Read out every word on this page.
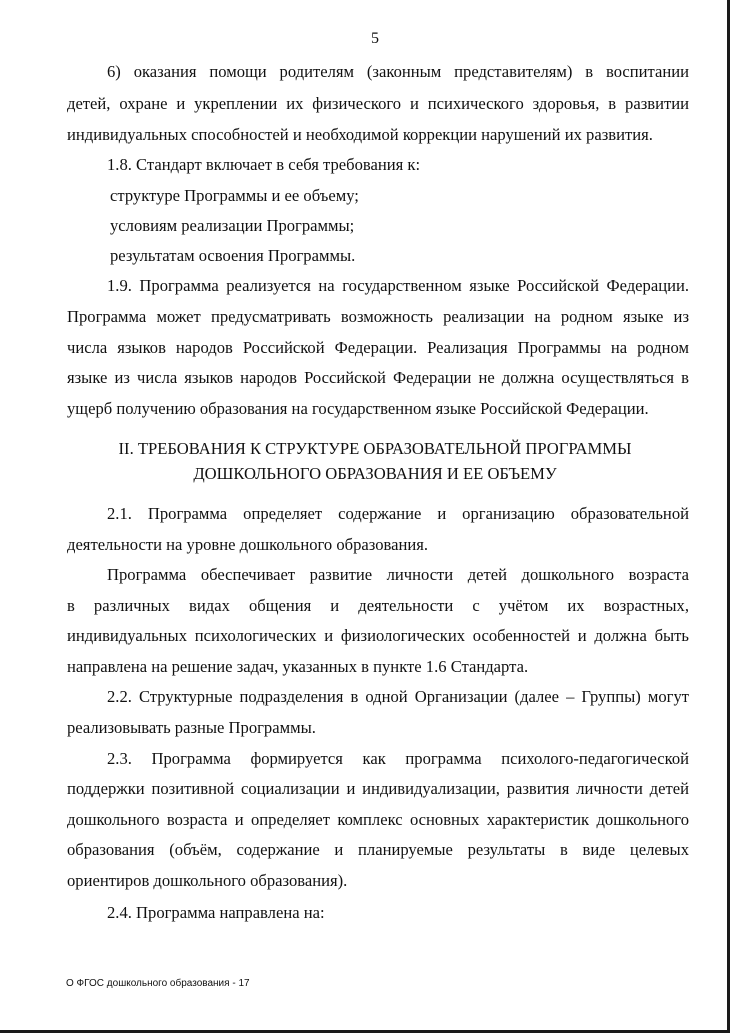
5
6) оказания помощи родителям (законным представителям) в воспитании
детей, охране и укреплении их физического и психического здоровья, в развитии
индивидуальных способностей и необходимой коррекции нарушений их развития.
1.8. Стандарт включает в себя требования к:
структуре Программы и ее объему;
условиям реализации Программы;
результатам освоения Программы.
1.9. Программа реализуется на государственном языке Российской Федерации.
Программа может предусматривать возможность реализации на родном языке из
числа языков народов Российской Федерации. Реализация Программы на родном
языке из числа языков народов Российской Федерации не должна осуществляться в
ущерб получению образования на государственном языке Российской Федерации.
II. ТРЕБОВАНИЯ К СТРУКТУРЕ ОБРАЗОВАТЕЛЬНОЙ ПРОГРАММЫ
ДОШКОЛЬНОГО ОБРАЗОВАНИЯ И ЕЕ ОБЪЕМУ
2.1. Программа определяет содержание и организацию образовательной
деятельности на уровне дошкольного образования.
Программа обеспечивает развитие личности детей дошкольного возраста
в различных видах общения и деятельности с учётом их возрастных,
индивидуальных психологических и физиологических особенностей и должна быть
направлена на решение задач, указанных в пункте 1.6 Стандарта.
2.2. Структурные подразделения в одной Организации (далее – Группы) могут
реализовывать разные Программы.
2.3. Программа формируется как программа психолого-педагогической
поддержки позитивной социализации и индивидуализации, развития личности детей
дошкольного возраста и определяет комплекс основных характеристик дошкольного
образования (объём, содержание и планируемые результаты в виде целевых
ориентиров дошкольного образования).
2.4. Программа направлена на:
О ФГОС дошкольного образования - 17
